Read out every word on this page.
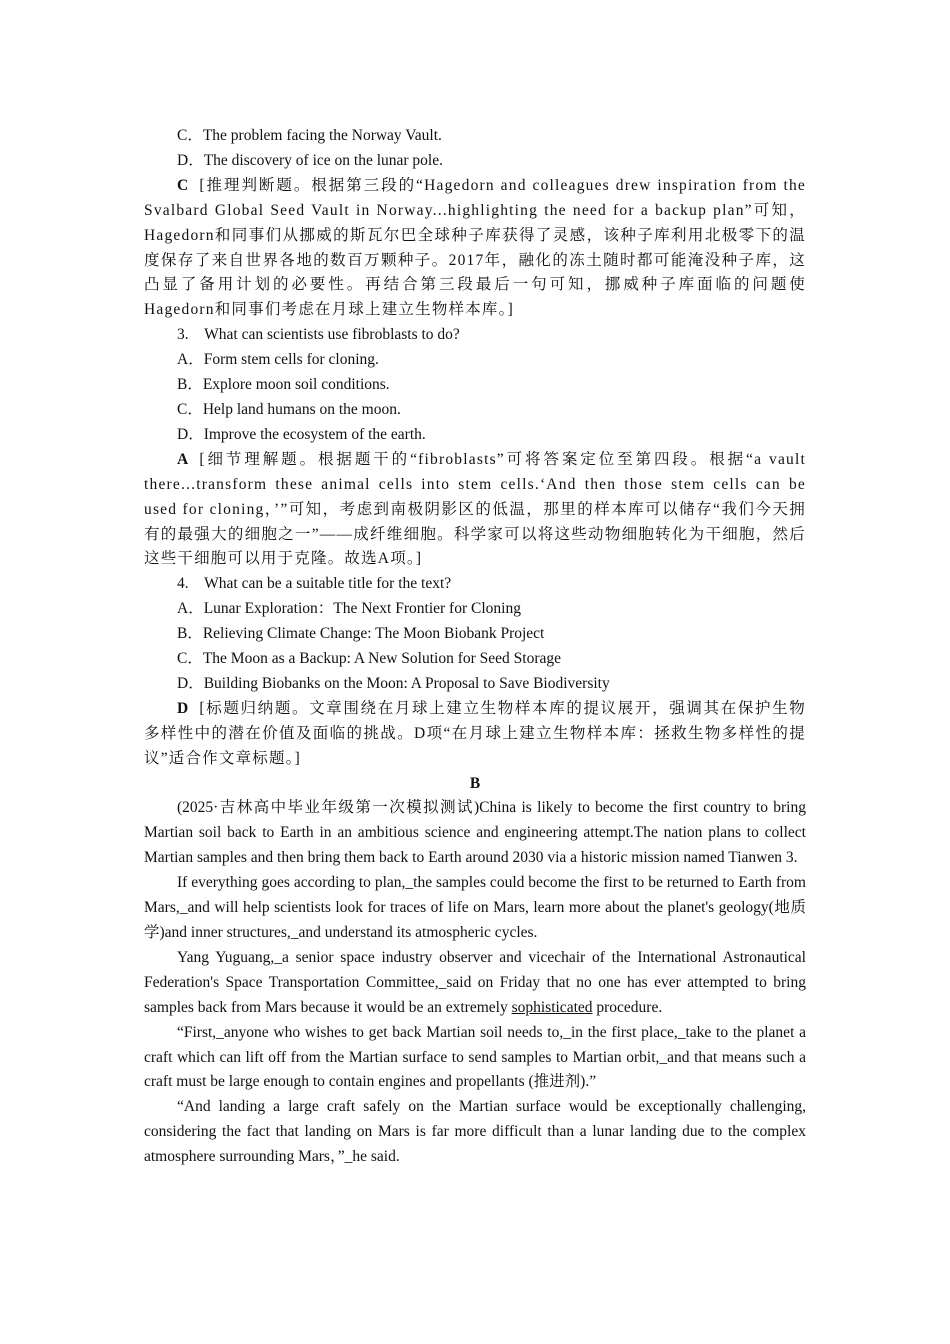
C．The problem facing the Norway Vault.
D．The discovery of ice on the lunar pole.

C [推理判断题。根据第三段的“Hagedorn and colleagues drew inspiration from the Svalbard Global Seed Vault in Norway...highlighting the need for a backup plan”可知，Hagedorn和同事们从挪威的斯瓦尔巴全球种子库获得了灵感，该种子库利用北极零下的温度保存了来自世界各地的数百万颗种子。2017年，融化的冻土随时都可能淹没种子库，这凸显了备用计划的必要性。再结合第三段最后一句可知，挪威种子库面临的问题使Hagedorn和同事们考虑在月球上建立生物样本库。]

3.　What can scientists use fibroblasts to do?
A．Form stem cells for cloning.
B．Explore moon soil conditions.
C．Help land humans on the moon.
D．Improve the ecosystem of the earth.

A [细节理解题。根据题干的“fibroblasts”可将答案定位至第四段。根据“a vault there...transform these animal cells into stem cells.‘And then those stem cells can be used for cloning，’”可知，考虑到南极阴影区的低温，那里的样本库可以储存“我们今天拥有的最强大的细胞之一”——成纤维细胞。科学家可以将这些动物细胞转化为干细胞，然后这些干细胞可以用于克隆。故选A项。]

4.　What can be a suitable title for the text?
A．Lunar Exploration：The Next Frontier for Cloning
B．Relieving Climate Change: The Moon Biobank Project
C．The Moon as a Backup: A New Solution for Seed Storage
D．Building Biobanks on the Moon: A Proposal to Save Biodiversity

D [标题归纳题。文章围绕在月球上建立生物样本库的提议展开，强调其在保护生物多样性中的潜在价值及面临的挑战。D项“在月球上建立生物样本库：拯救生物多样性的提议”适合作文章标题。]

B

(2025·吉林高中毕业年级第一次模拟测试)China is likely to become the first country to bring Martian soil back to Earth in an ambitious science and engineering attempt.The nation plans to collect Martian samples and then bring them back to Earth around 2030 via a historic mission named Tianwen 3.

If everything goes according to plan,_the samples could become the first to be returned to Earth from Mars,_and will help scientists look for traces of life on Mars, learn more about the planet's geology(地质学)and inner structures,_and understand its atmospheric cycles.

Yang Yuguang,_a senior space industry observer and vicechair of the International Astronautical Federation's Space Transportation Committee,_said on Friday that no one has ever attempted to bring samples back from Mars because it would be an extremely sophisticated procedure.

“First,_anyone who wishes to get back Martian soil needs to,_in the first place,_take to the planet a craft which can lift off from the Martian surface to send samples to Martian orbit,_and that means such a craft must be large enough to contain engines and propellants (推进剂).”

“And landing a large craft safely on the Martian surface would be exceptionally challenging, considering the fact that landing on Mars is far more difficult than a lunar landing due to the complex atmosphere surrounding Mars，”_he said.
